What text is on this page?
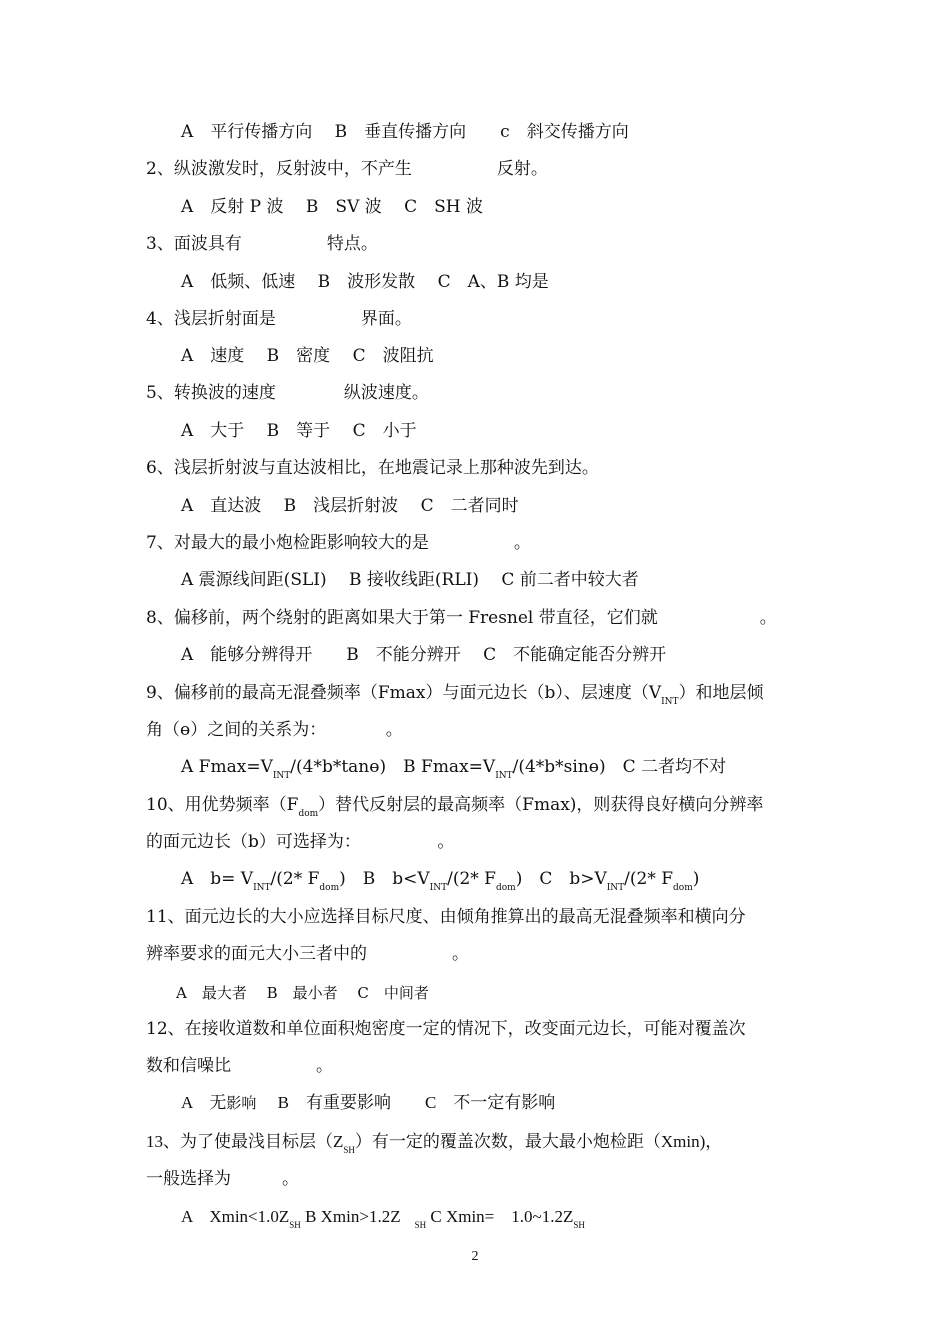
A　平行传播方向　 B　垂直传播方向　　c　斜交传播方向
2、纵波激发时，反射波中，不产生　　　　　反射。
A　反射 P 波　 B　SV 波　 C　SH 波
3、面波具有　　　　　特点。
A　低频、低速　 B　波形发散　 C　A、B 均是
4、浅层折射面是　　　　　界面。
A　速度　 B　密度　 C　波阻抗
5、转换波的速度　　　　纵波速度。
A　大于　 B　等于　 C　小于
6、浅层折射波与直达波相比，在地震记录上那种波先到达。
A　直达波　 B　浅层折射波　 C　二者同时
7、对最大的最小炮检距影响较大的是　　　　　。
A 震源线间距(SLI)　 B 接收线距(RLI)　 C 前二者中较大者
8、偏移前，两个绕射的距离如果大于第一 Fresnel 带直径，它们就　　　　　　。
A　能够分辨得开　　B　不能分辨开　 C　不能确定能否分辨开
9、偏移前的最高无混叠频率（Fmax）与面元边长（b）、层速度$(V_{INT})$和地层倾
角（ɵ）之间的关系为：　　　　。
A $Fmax=V_{INT}/(4*b*\tan ɵ)$　B $Fmax=V_{INT}/(4*b*\sin ɵ)$　C 二者均不对
10、用优势频率$(F_{dom})$替代反射层的最高频率（Fmax)，则获得良好横向分辨率
的面元边长（b）可选择为：　　　　　。
A　$b= V_{INT}/(2*$ $F_{dom}$)　B　$b<V_{INT}/(2*$ $F_{dom}$)　C　$b>V_{INT}/(2*$ $F_{dom}$)
11、面元边长的大小应选择目标尺度、由倾角推算出的最高无混叠频率和横向分
辨率要求的面元大小三者中的　　　　　。
A　最大者　 B　最小者　 C　中间者
12、在接收道数和单位面积炮密度一定的情况下，改变面元边长，可能对覆盖次
数和信噪比　　　　　。
A　无影响　 B　有重要影响　　C　不一定有影响
13、为了使最浅目标层$(Z_{SH})$有一定的覆盖次数，最大最小炮检距（Xmin)，
一般选择为　　　。
A　$Xmin<1.0Z_{SH}$ B Xmin>1.2Z $_{SH}$ C Xmin=　$1.0\sim 1.2Z_{SH}$
2
